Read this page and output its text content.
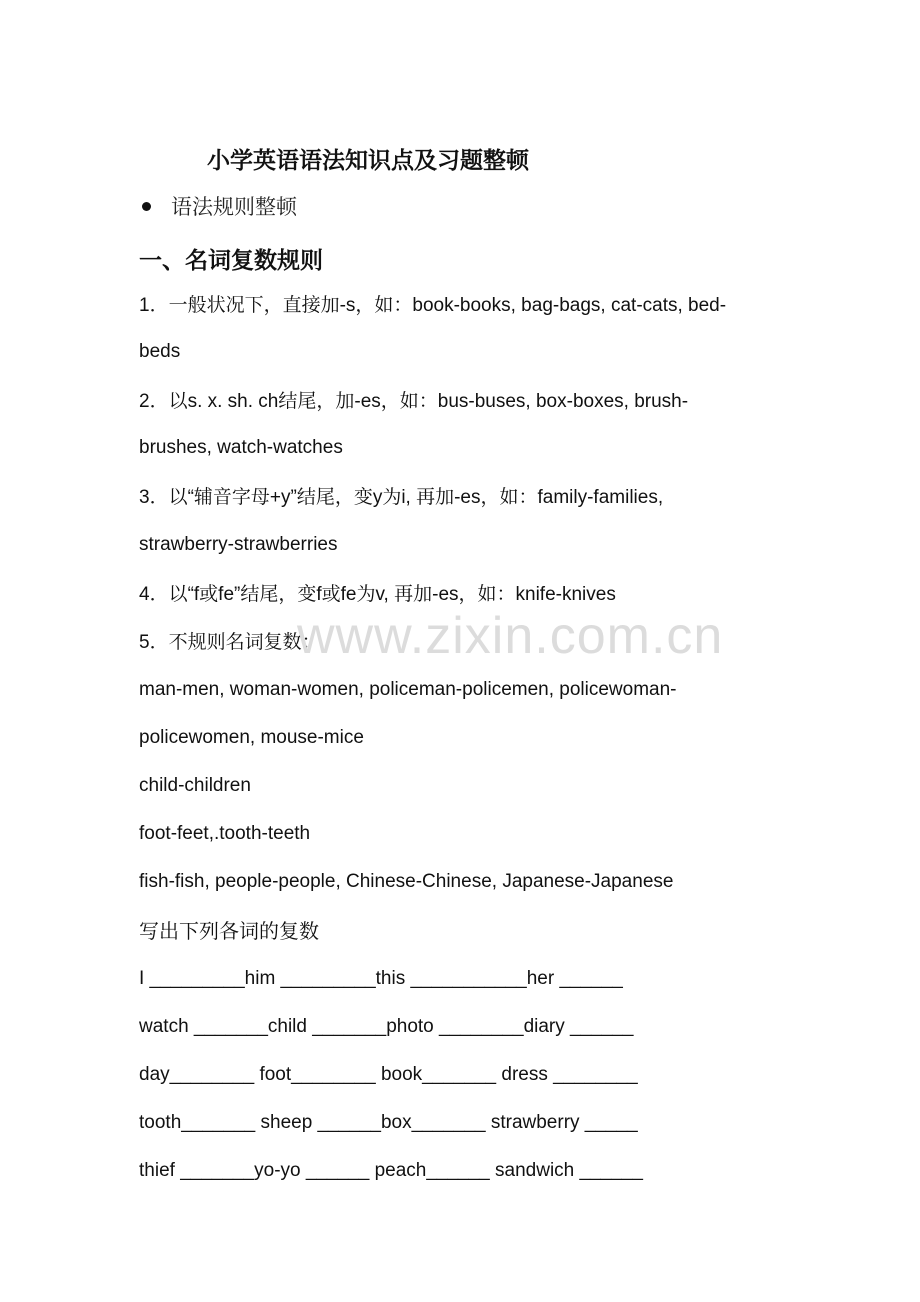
小学英语语法知识点及习题整顿
语法规则整顿
一、名词复数规则
1．一般状况下，直接加-s，如：book-books, bag-bags, cat-cats, bed-
beds
2．以s. x. sh. ch结尾，加-es，如：bus-buses, box-boxes, brush-
brushes, watch-watches
3．以“辅音字母+y”结尾，变y为i, 再加-es，如：family-families,
strawberry-strawberries
4．以“f或fe”结尾，变f或fe为v, 再加-es，如：knife-knives
5．不规则名词复数：
man-men, woman-women, policeman-policemen, policewoman-
policewomen, mouse-mice
child-children
foot-feet,.tooth-teeth
fish-fish, people-people, Chinese-Chinese, Japanese-Japanese
写出下列各词的复数
I _________him _________this ___________her ______
watch _______child _______photo ________diary ______
day________ foot________ book_______ dress ________
tooth_______ sheep ______box_______ strawberry _____
thief _______yo-yo ______ peach______ sandwich ______
www.zixin.com.cn
